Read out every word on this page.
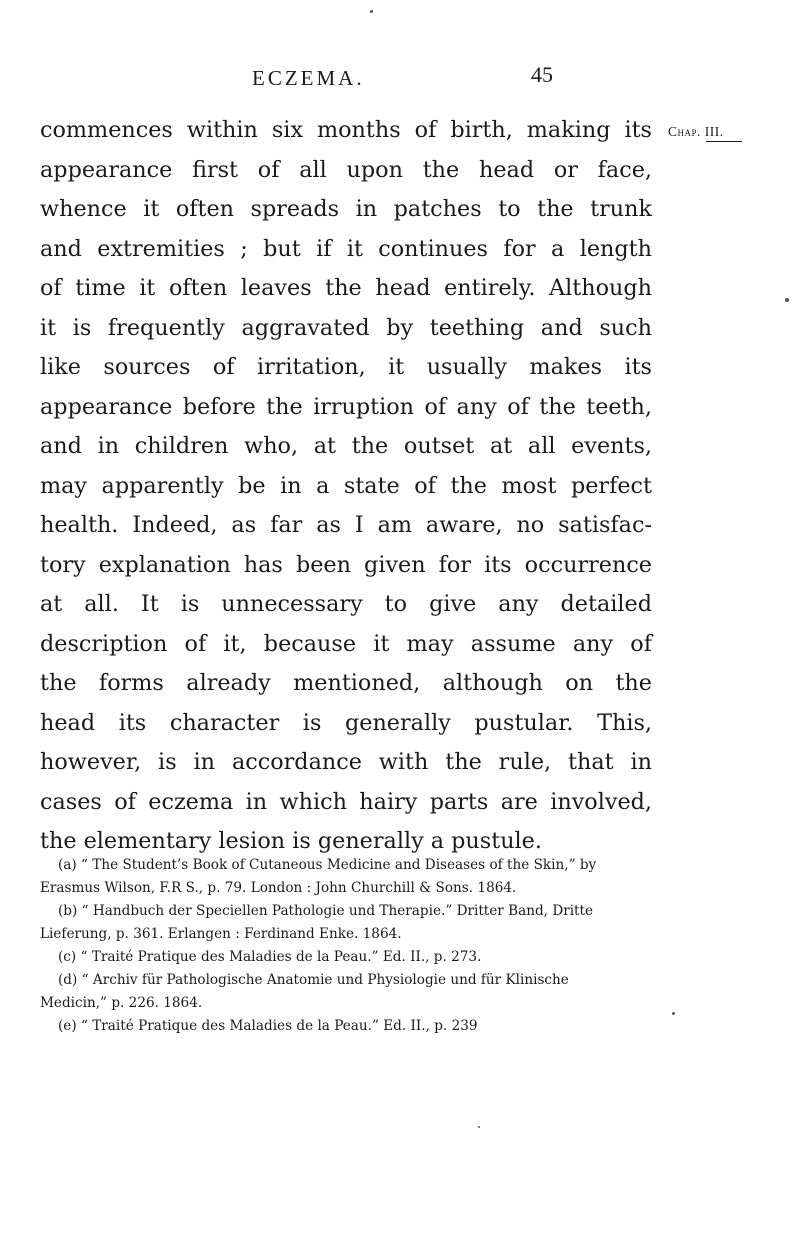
ECZEMA.	45
Chap. III.
commences within six months of birth, making its
appearance first of all upon the head or face,
whence it often spreads in patches to the trunk
and extremities ; but if it continues for a length
of time it often leaves the head entirely. Although
it is frequently aggravated by teething and such
like sources of irritation, it usually makes its
appearance before the irruption of any of the teeth,
and in children who, at the outset at all events,
may apparently be in a state of the most perfect
health. Indeed, as far as I am aware, no satisfac-
tory explanation has been given for its occurrence
at all. It is unnecessary to give any detailed
description of it, because it may assume any of
the forms already mentioned, although on the
head its character is generally pustular. This,
however, is in accordance with the rule, that in
cases of eczema in which hairy parts are involved,
the elementary lesion is generally a pustule.
(a) “ The Student’s Book of Cutaneous Medicine and Diseases of the Skin,” by
Erasmus Wilson, F.R S., p. 79. London : John Churchill & Sons. 1864.
(b) “ Handbuch der Speciellen Pathologie und Therapie.” Dritter Band, Dritte
Lieferung, p. 361. Erlangen : Ferdinand Enke. 1864.
(c) “ Traité Pratique des Maladies de la Peau.” Ed. II., p. 273.
(d) “ Archiv für Pathologische Anatomie und Physiologie und für Klinische
Medicin,” p. 226. 1864.
(e) “ Traité Pratique des Maladies de la Peau.” Ed. II., p. 239
